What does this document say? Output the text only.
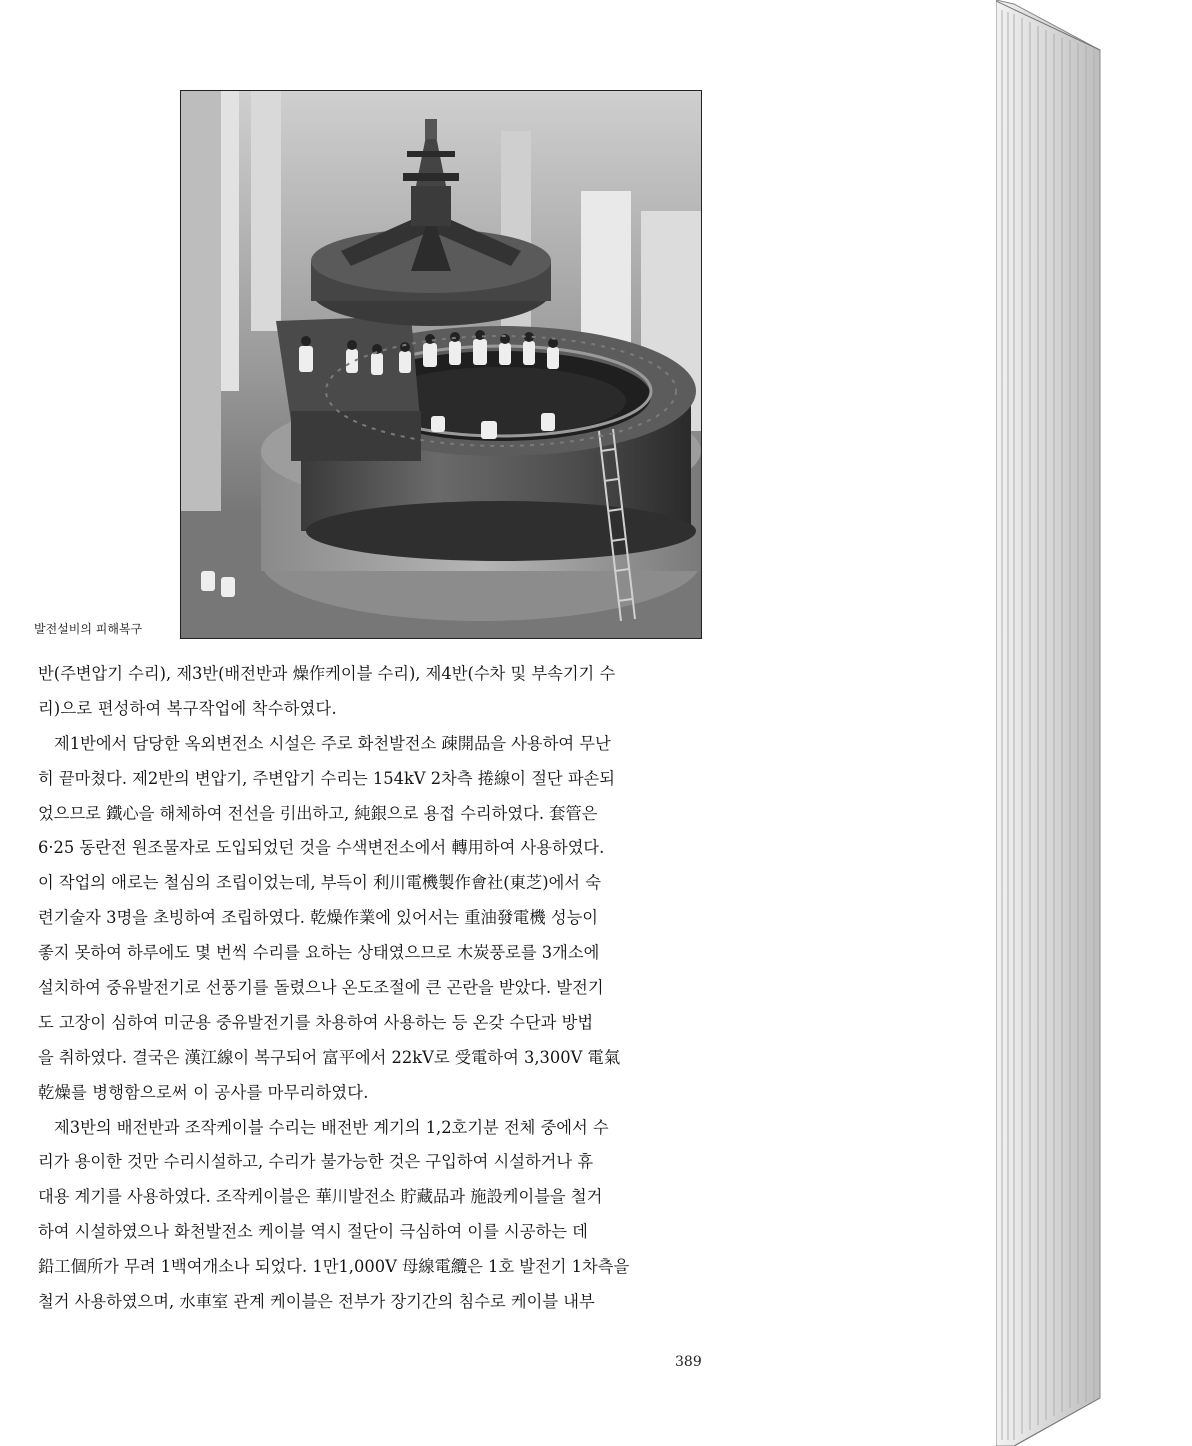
발전설비의 피해복구
반(주변압기 수리), 제3반(배전반과 燥作케이블 수리), 제4반(수차 및 부속기기 수
리)으로 편성하여 복구작업에 착수하였다.
제1반에서 담당한 옥외변전소 시설은 주로 화천발전소 疎開品을 사용하여 무난
히 끝마쳤다. 제2반의 변압기, 주변압기 수리는 154kV 2차측 捲線이 절단 파손되
었으므로 鐵心을 해체하여 전선을 引出하고, 純銀으로 용접 수리하였다. 套管은
6·25 동란전 원조물자로 도입되었던 것을 수색변전소에서 轉用하여 사용하였다.
이 작업의 애로는 철심의 조립이었는데, 부득이 利川電機製作會社(東芝)에서 숙
련기술자 3명을 초빙하여 조립하였다. 乾燥作業에 있어서는 重油發電機 성능이
좋지 못하여 하루에도 몇 번씩 수리를 요하는 상태였으므로 木炭풍로를 3개소에
설치하여 중유발전기로 선풍기를 돌렸으나 온도조절에 큰 곤란을 받았다. 발전기
도 고장이 심하여 미군용 중유발전기를 차용하여 사용하는 등 온갖 수단과 방법
을 취하였다. 결국은 漢江線이 복구되어 富平에서 22kV로 受電하여 3,300V 電氣
乾燥를 병행함으로써 이 공사를 마무리하였다.
제3반의 배전반과 조작케이블 수리는 배전반 계기의 1,2호기분 전체 중에서 수
리가 용이한 것만 수리시설하고, 수리가 불가능한 것은 구입하여 시설하거나 휴
대용 계기를 사용하였다. 조작케이블은 華川발전소 貯藏品과 施設케이블을 철거
하여 시설하였으나 화천발전소 케이블 역시 절단이 극심하여 이를 시공하는 데
鉛工個所가 무려 1백여개소나 되었다. 1만1,000V 母線電纜은 1호 발전기 1차측을
철거 사용하였으며, 水車室 관계 케이블은 전부가 장기간의 침수로 케이블 내부
389
